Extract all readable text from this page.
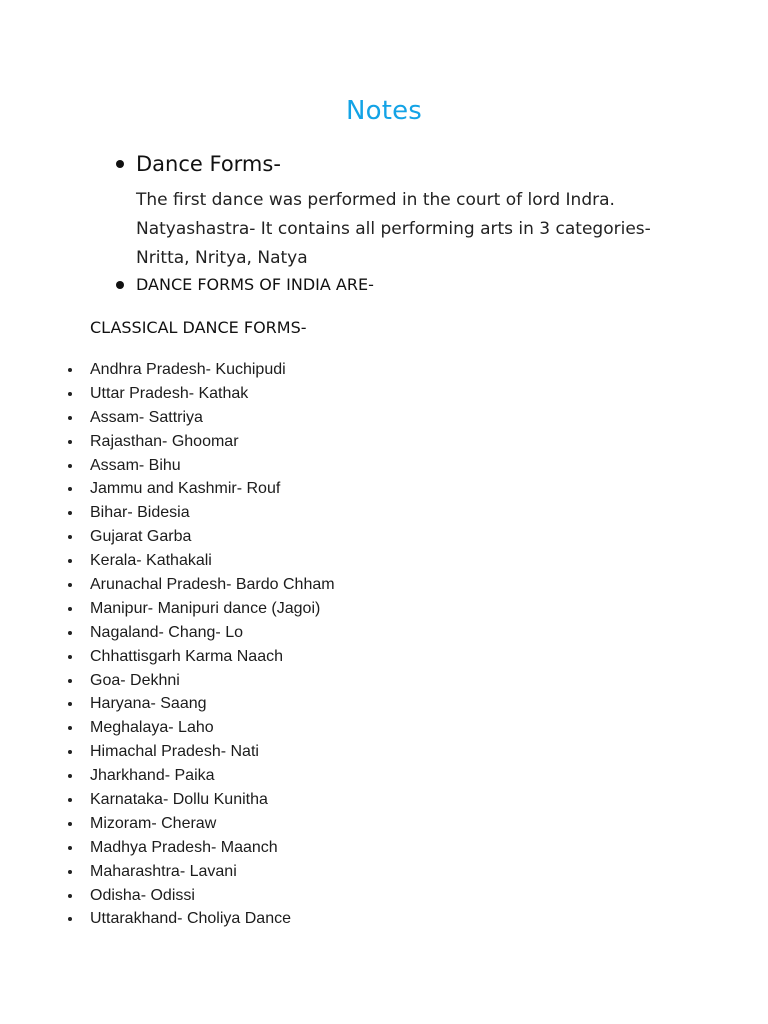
Notes
Dance Forms-
The first dance was performed in the court of lord Indra.
Natyashastra- It contains all performing arts in 3 categories-
Nritta, Nritya, Natya
DANCE FORMS OF INDIA ARE-
CLASSICAL DANCE FORMS-
Andhra Pradesh- Kuchipudi
Uttar Pradesh- Kathak
Assam- Sattriya
Rajasthan- Ghoomar
Assam- Bihu
Jammu and Kashmir- Rouf
Bihar- Bidesia
Gujarat Garba
Kerala- Kathakali
Arunachal Pradesh- Bardo Chham
Manipur- Manipuri dance (Jagoi)
Nagaland- Chang- Lo
Chhattisgarh Karma Naach
Goa- Dekhni
Haryana- Saang
Meghalaya- Laho
Himachal Pradesh- Nati
Jharkhand- Paika
Karnataka- Dollu Kunitha
Mizoram- Cheraw
Madhya Pradesh- Maanch
Maharashtra- Lavani
Odisha- Odissi
Uttarakhand- Choliya Dance
